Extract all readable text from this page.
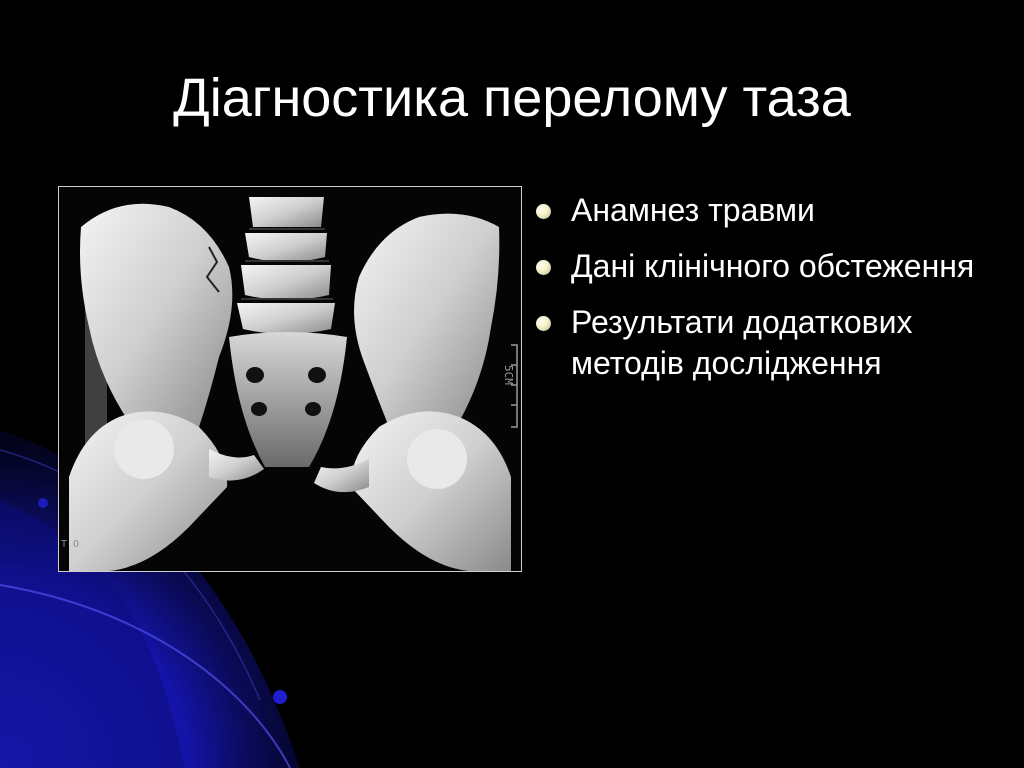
Діагностика перелому таза
5CM
T O
Анамнез травми
Дані клінічного обстеження
Результати додаткових методів дослідження
